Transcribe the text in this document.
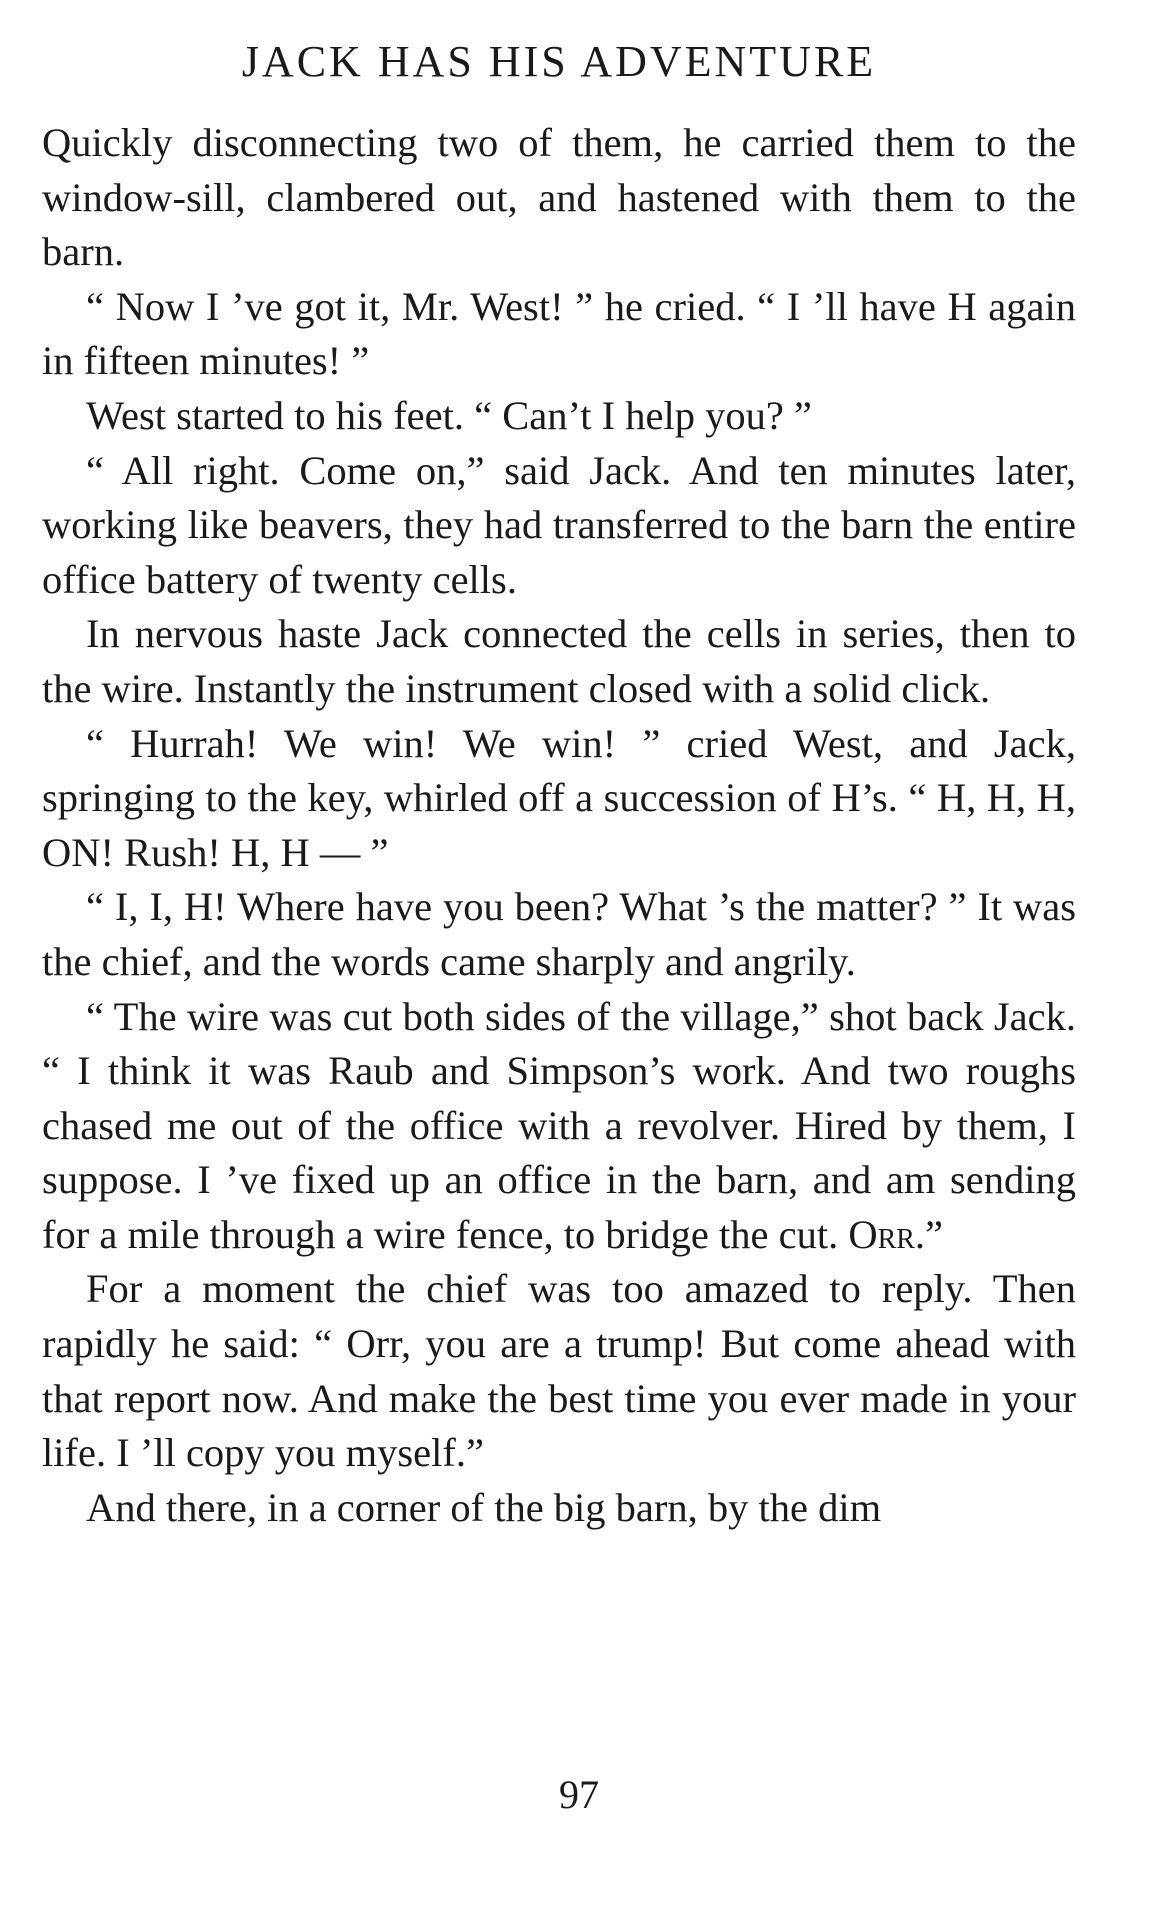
JACK HAS HIS ADVENTURE

Quickly disconnecting two of them, he carried them to the window-sill, clambered out, and hastened with them to the barn.

“ Now I ’ve got it, Mr. West! ” he cried. “ I ’ll have H again in fifteen minutes! ”

West started to his feet. “ Can’t I help you? ”

“ All right. Come on,” said Jack. And ten minutes later, working like beavers, they had transferred to the barn the entire office battery of twenty cells.

In nervous haste Jack connected the cells in series, then to the wire. Instantly the instrument closed with a solid click.

“ Hurrah! We win! We win! ” cried West, and Jack, springing to the key, whirled off a succession of H’s. “ H, H, H, ON! Rush! H, H — ”

“ I, I, H! Where have you been? What ’s the matter? ” It was the chief, and the words came sharply and angrily.

“ The wire was cut both sides of the village,” shot back Jack. “ I think it was Raub and Simpson’s work. And two roughs chased me out of the office with a revolver. Hired by them, I suppose. I ’ve fixed up an office in the barn, and am sending for a mile through a wire fence, to bridge the cut. Orr.”

For a moment the chief was too amazed to reply. Then rapidly he said: “ Orr, you are a trump! But come ahead with that report now. And make the best time you ever made in your life. I ’ll copy you myself.”

And there, in a corner of the big barn, by the dim

97
